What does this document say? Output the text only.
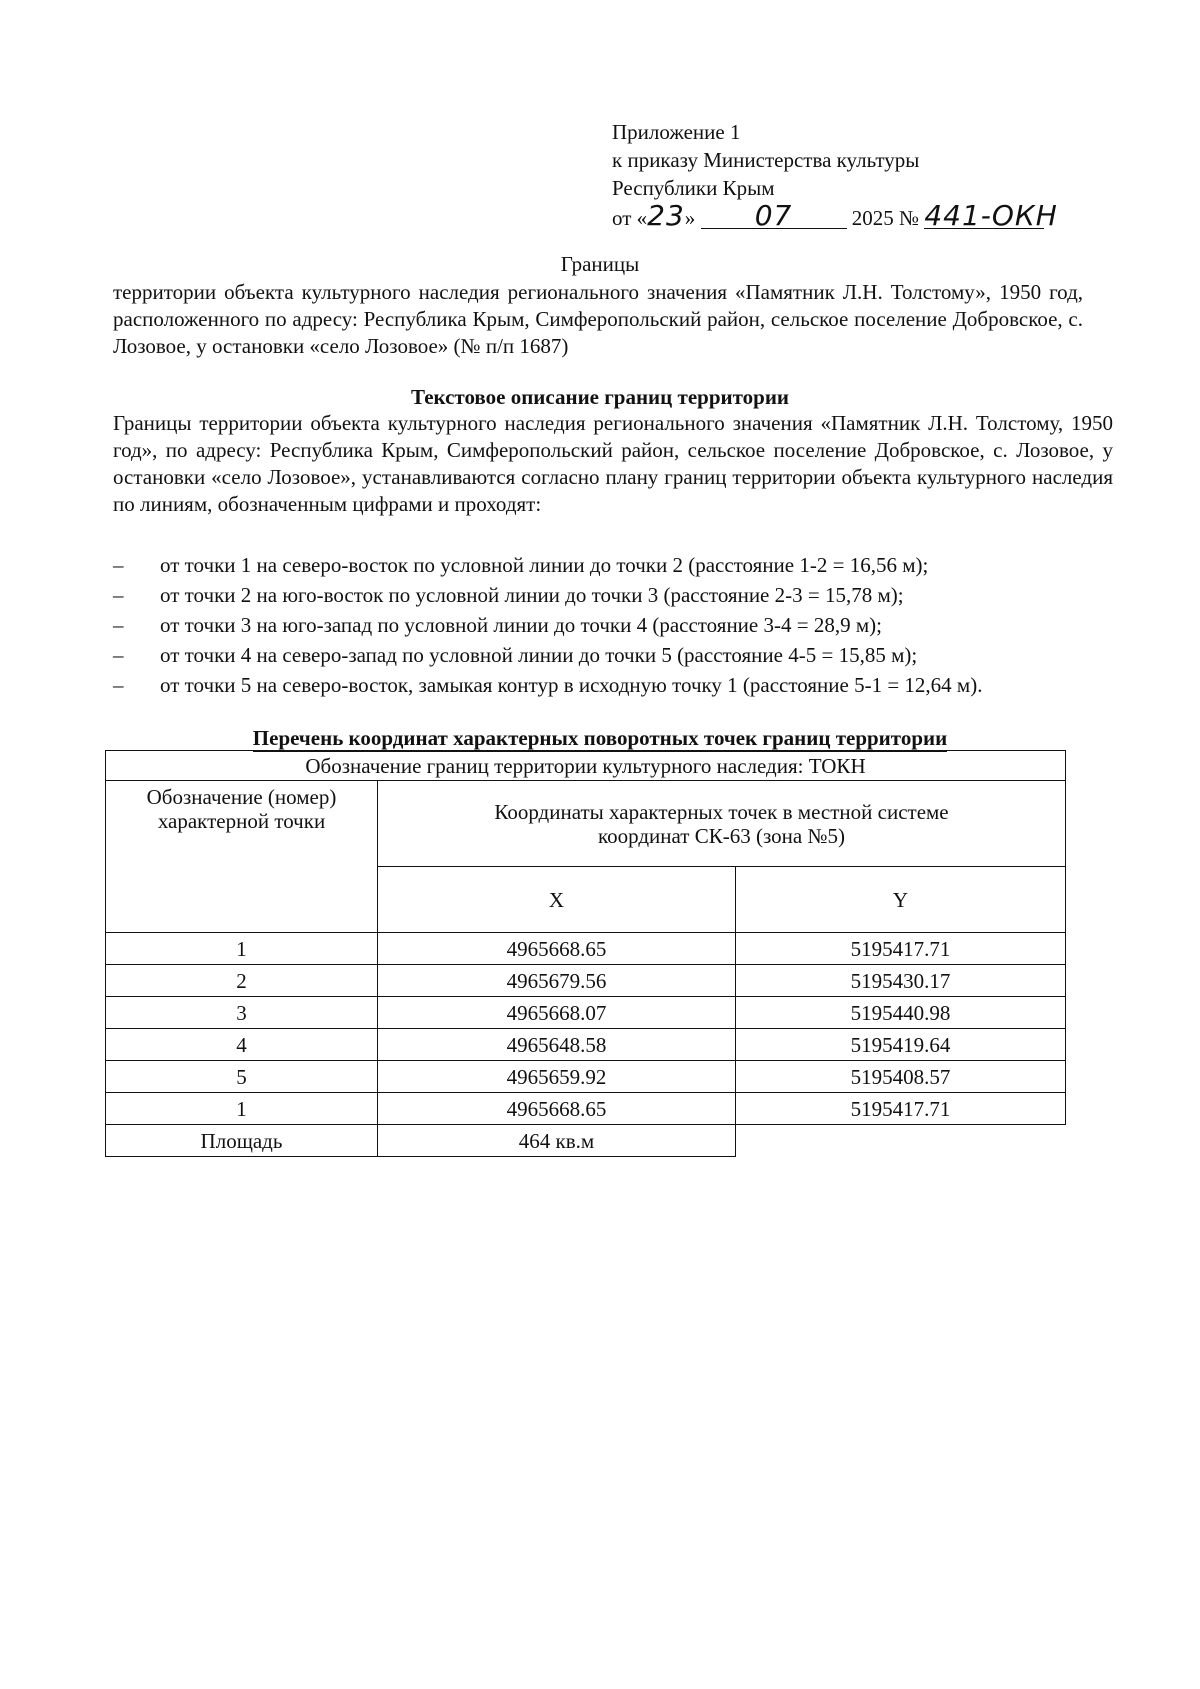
Приложение 1
к приказу Министерства культуры
Республики Крым
от «23» 07	2025 № 441-ОКН
Границы
территории объекта культурного наследия регионального значения «Памятник Л.Н. Толстому», 1950 год, расположенного по адресу: Республика Крым, Симферопольский район, сельское поселение Добровское, с. Лозовое, у остановки «село Лозовое» (№ п/п 1687)
Текстовое описание границ территории
Границы территории объекта культурного наследия регионального значения «Памятник Л.Н. Толстому, 1950 год», по адресу: Республика Крым, Симферопольский район, сельское поселение Добровское, с. Лозовое, у остановки «село Лозовое», устанавливаются согласно плану границ территории объекта культурного наследия по линиям, обозначенным цифрами и проходят:
– от точки 1 на северо-восток по условной линии до точки 2 (расстояние 1-2 = 16,56 м);
– от точки 2 на юго-восток по условной линии до точки 3 (расстояние 2-3 = 15,78 м);
– от точки 3 на юго-запад по условной линии до точки 4 (расстояние 3-4 = 28,9 м);
– от точки 4 на северо-запад по условной линии до точки 5 (расстояние 4-5 = 15,85 м);
– от точки 5 на северо-восток, замыкая контур в исходную точку 1 (расстояние 5-1 = 12,64 м).
Перечень координат характерных поворотных точек границ территории
Обозначение границ территории культурного наследия: ТОКН		

Обозначение (номер) характерной точки	Координаты характерных точек в местной системе координат СК-63 (зона №5)	

	X	Y
1	4965668.65	5195417.71
2	4965679.56	5195430.17
3	4965668.07	5195440.98
4	4965648.58	5195419.64
5	4965659.92	5195408.57
1	4965668.65	5195417.71
Площадь	464 кв.м	
